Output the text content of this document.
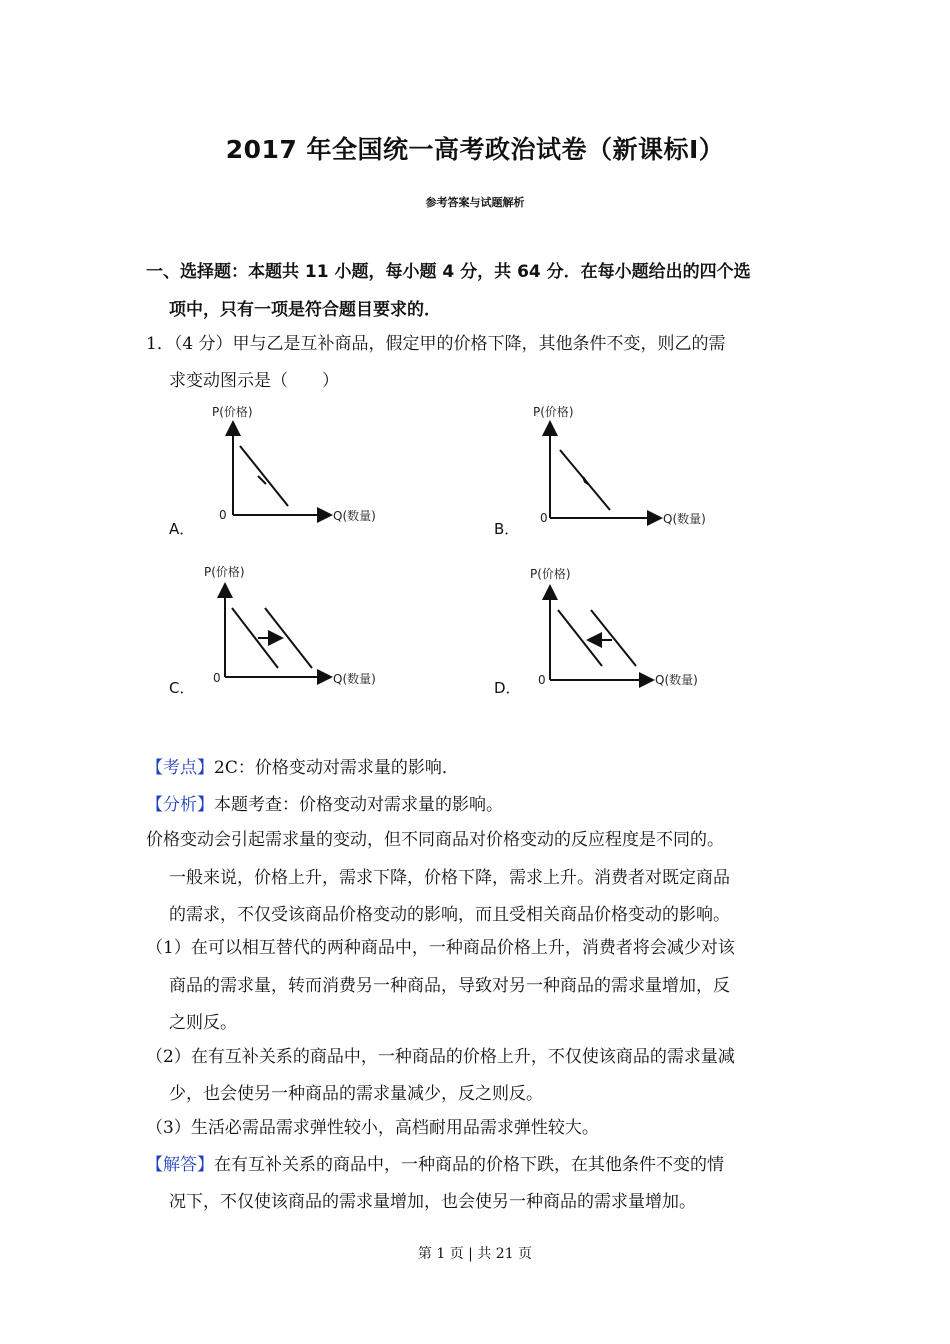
2017 年全国统一高考政治试卷（新课标Ⅰ）
参考答案与试题解析
一、选择题：本题共 11 小题，每小题 4 分，共 64 分．在每小题给出的四个选
项中，只有一项是符合题目要求的．
1．（4 分）甲与乙是互补商品，假定甲的价格下降，其他条件不变，则乙的需
求变动图示是（　　）
A．
P(价格)
0	Q(数量)
B．
P(价格)
0	Q(数量)
C．
P(价格)
0	Q(数量)	D．
P(价格)
0	Q(数量)
【考点】2C：价格变动对需求量的影响．
【分析】本题考查：价格变动对需求量的影响。
价格变动会引起需求量的变动，但不同商品对价格变动的反应程度是不同的。
一般来说，价格上升，需求下降，价格下降，需求上升。消费者对既定商品
的需求，不仅受该商品价格变动的影响，而且受相关商品价格变动的影响。
（1）在可以相互替代的两种商品中，一种商品价格上升，消费者将会减少对该
商品的需求量，转而消费另一种商品，导致对另一种商品的需求量增加，反
之则反。
（2）在有互补关系的商品中，一种商品的价格上升，不仅使该商品的需求量减
少，也会使另一种商品的需求量减少，反之则反。
（3）生活必需品需求弹性较小，高档耐用品需求弹性较大。
【解答】在有互补关系的商品中，一种商品的价格下跌，在其他条件不变的情
况下，不仅使该商品的需求量增加，也会使另一种商品的需求量增加。
第 1 页 | 共 21 页
